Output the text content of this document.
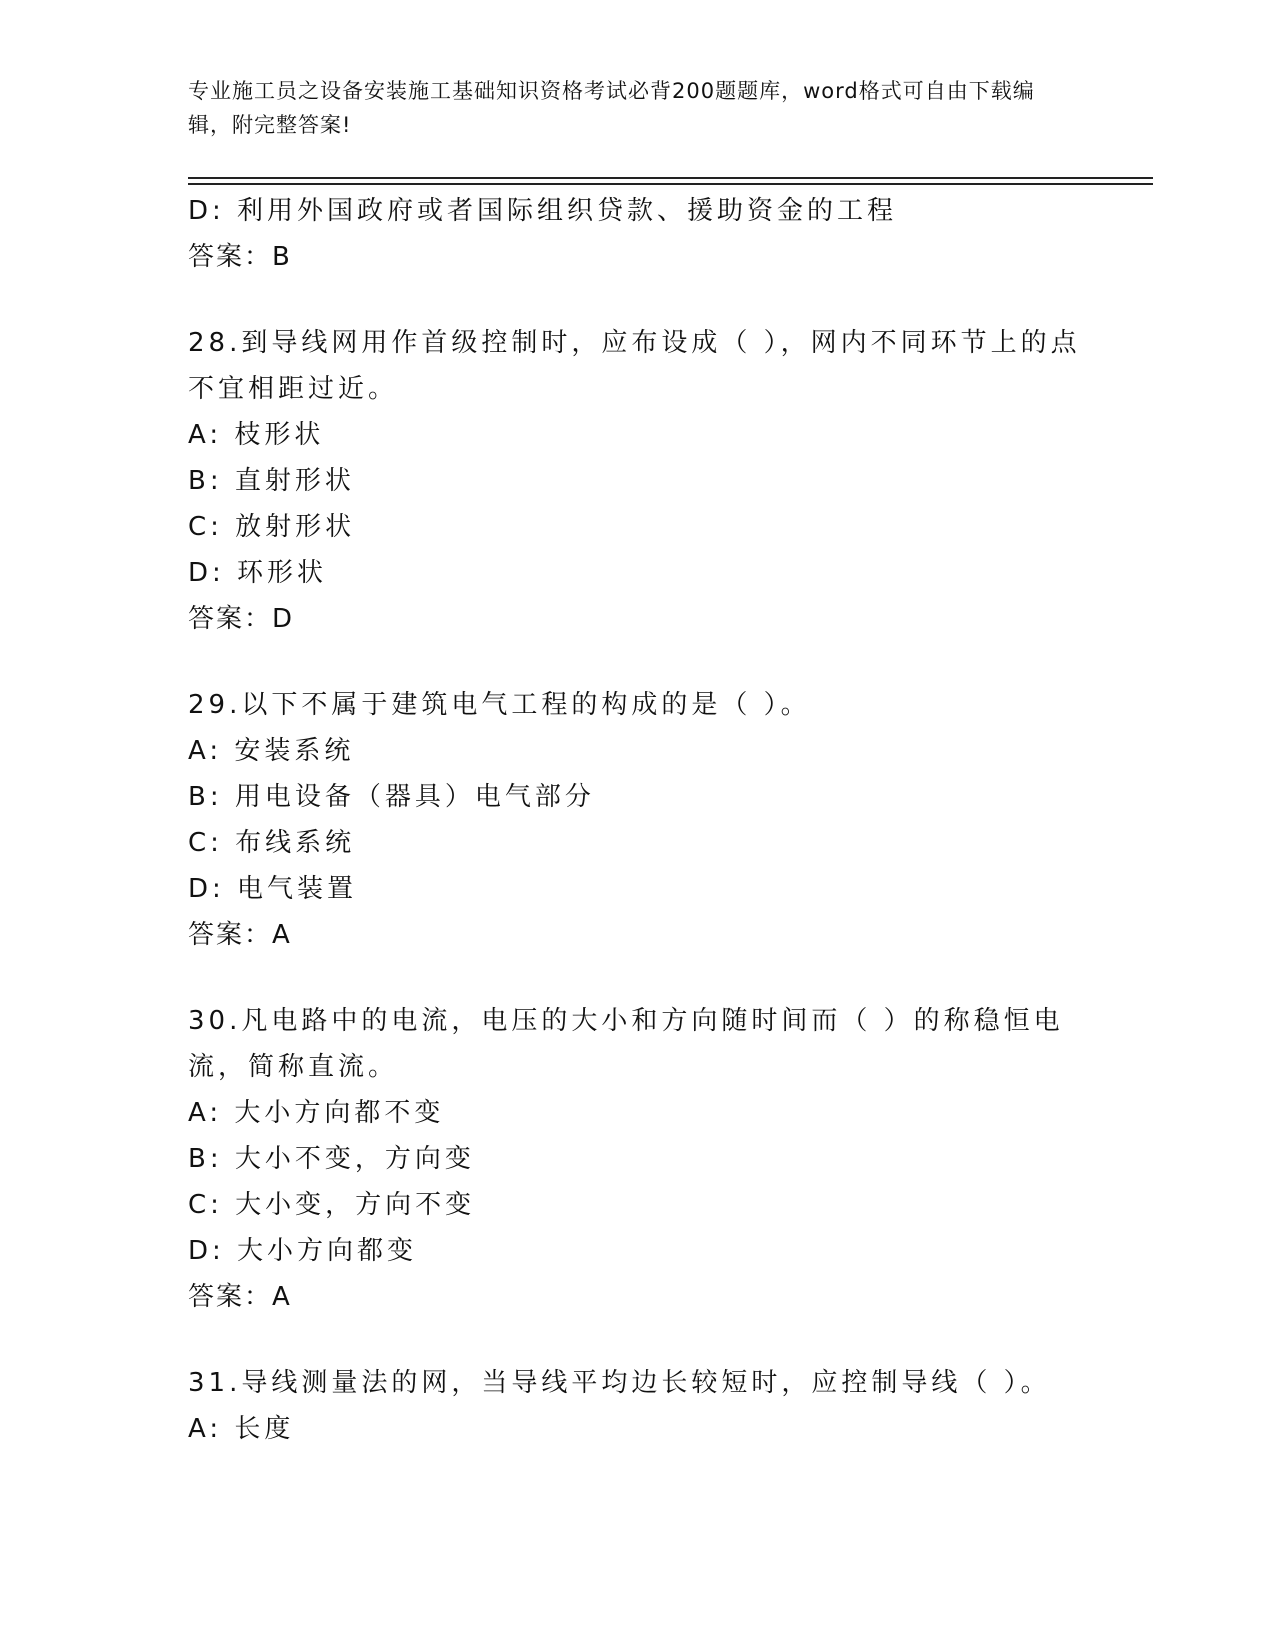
专业施工员之设备安装施工基础知识资格考试必背200题题库，word格式可自由下载编辑，附完整答案!
D: 利用外国政府或者国际组织贷款、援助资金的工程
答案：B
28.到导线网用作首级控制时，应布设成（ ），网内不同环节上的点不宜相距过近。
A: 枝形状
B: 直射形状
C: 放射形状
D: 环形状
答案：D
29.以下不属于建筑电气工程的构成的是（ ）。
A: 安装系统
B: 用电设备（器具）电气部分
C: 布线系统
D: 电气装置
答案：A
30.凡电路中的电流，电压的大小和方向随时间而（ ）的称稳恒电流，简称直流。
A: 大小方向都不变
B: 大小不变，方向变
C: 大小变，方向不变
D: 大小方向都变
答案：A
31.导线测量法的网，当导线平均边长较短时，应控制导线（ ）。
A: 长度
